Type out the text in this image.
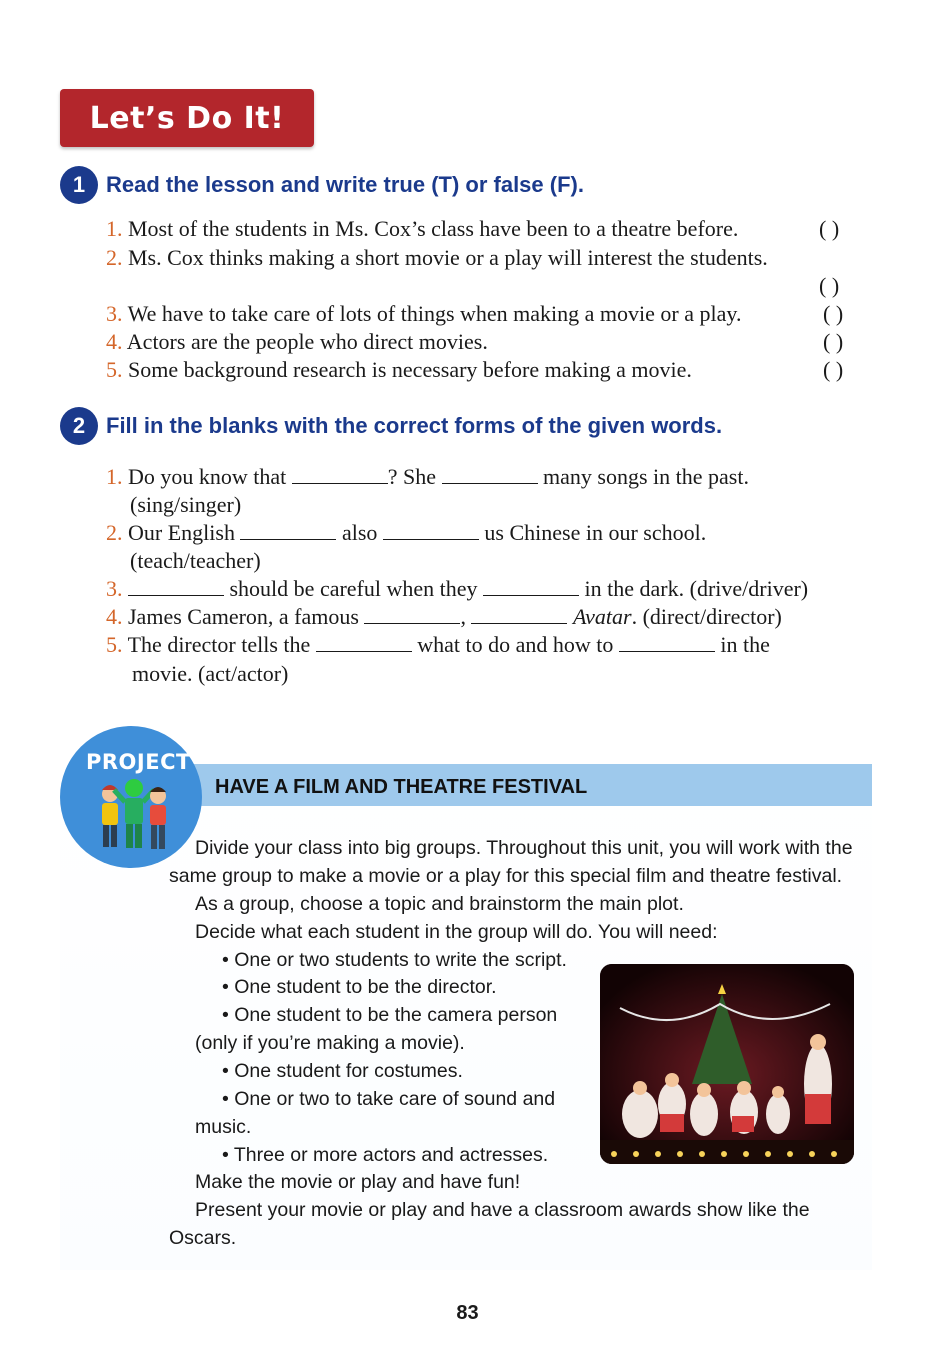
Let’s Do It!
1 Read the lesson and write true (T) or false (F).
1. Most of the students in Ms. Cox’s class have been to a theatre before.	( )
2. Ms. Cox thinks making a short movie or a play will interest the students.
( )
3. We have to take care of lots of things when making a movie or a play.	( )
4. Actors are the people who direct movies.	( )
5. Some background research is necessary before making a movie.	( )
2 Fill in the blanks with the correct forms of the given words.
1. Do you know that	? She	many songs in the past.
(sing/singer)
2. Our English	also	us Chinese in our school.
(teach/teacher)
3.	should be careful when they	in the dark. (drive/driver)
4. James Cameron, a famous	,	Avatar. (direct/director)
5. The director tells the	what to do and how to	in the
movie. (act/actor)
HAVE A FILM AND THEATRE FESTIVAL
PROJECT
Divide your class into big groups. Throughout this unit, you will work with the
same group to make a movie or a play for this special film and theatre festival.
As a group, choose a topic and brainstorm the main plot.
Decide what each student in the group will do. You will need:
• One or two students to write the script.
• One student to be the director.
• One student to be the camera person
(only if you’re making a movie).
• One student for costumes.
• One or two to take care of sound and
music.
• Three or more actors and actresses.
Make the movie or play and have fun!
Present your movie or play and have a classroom awards show like the
Oscars.
83
